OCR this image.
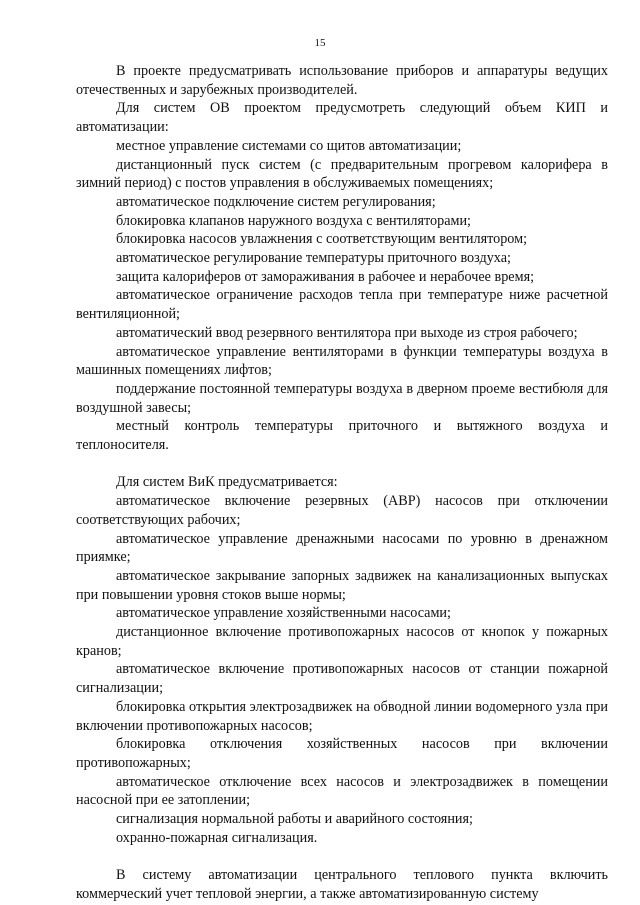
15

В проекте предусматривать использование приборов и аппаратуры ведущих отечественных и зарубежных производителей.

Для систем ОВ проектом предусмотреть следующий объем КИП и автоматизации:

местное управление системами со щитов автоматизации;

дистанционный пуск систем (с предварительным прогревом калорифера в зимний период) с постов управления в обслуживаемых помещениях;

автоматическое подключение систем регулирования;

блокировка клапанов наружного воздуха с вентиляторами;

блокировка насосов увлажнения с соответствующим вентилятором;

автоматическое регулирование температуры приточного воздуха;

защита калориферов от замораживания в рабочее и нерабочее время;

автоматическое ограничение расходов тепла при температуре ниже расчетной вентиляционной;

автоматический ввод резервного вентилятора при выходе из строя рабочего;

автоматическое управление вентиляторами в функции температуры воздуха в машинных помещениях лифтов;

поддержание постоянной температуры воздуха в дверном проеме вестибюля для воздушной завесы;

местный контроль температуры приточного и вытяжного воздуха и теплоносителя.

Для систем ВиК предусматривается:

автоматическое включение резервных (АВР) насосов при отключении соответствующих рабочих;

автоматическое управление дренажными насосами по уровню в дренажном приямке;

автоматическое закрывание запорных задвижек на канализационных выпусках при повышении уровня стоков выше нормы;

автоматическое управление хозяйственными насосами;

дистанционное включение противопожарных насосов от кнопок у пожарных кранов;

автоматическое включение противопожарных насосов от станции пожарной сигнализации;

блокировка открытия электрозадвижек на обводной линии водомерного узла при включении противопожарных насосов;

блокировка отключения хозяйственных насосов при включении противопожарных;

автоматическое отключение всех насосов и электрозадвижек в помещении насосной при ее затоплении;

сигнализация нормальной работы и аварийного состояния;

охранно-пожарная сигнализация.

В систему автоматизации центрального теплового пункта включить коммерческий учет тепловой энергии, а также автоматизированную систему
